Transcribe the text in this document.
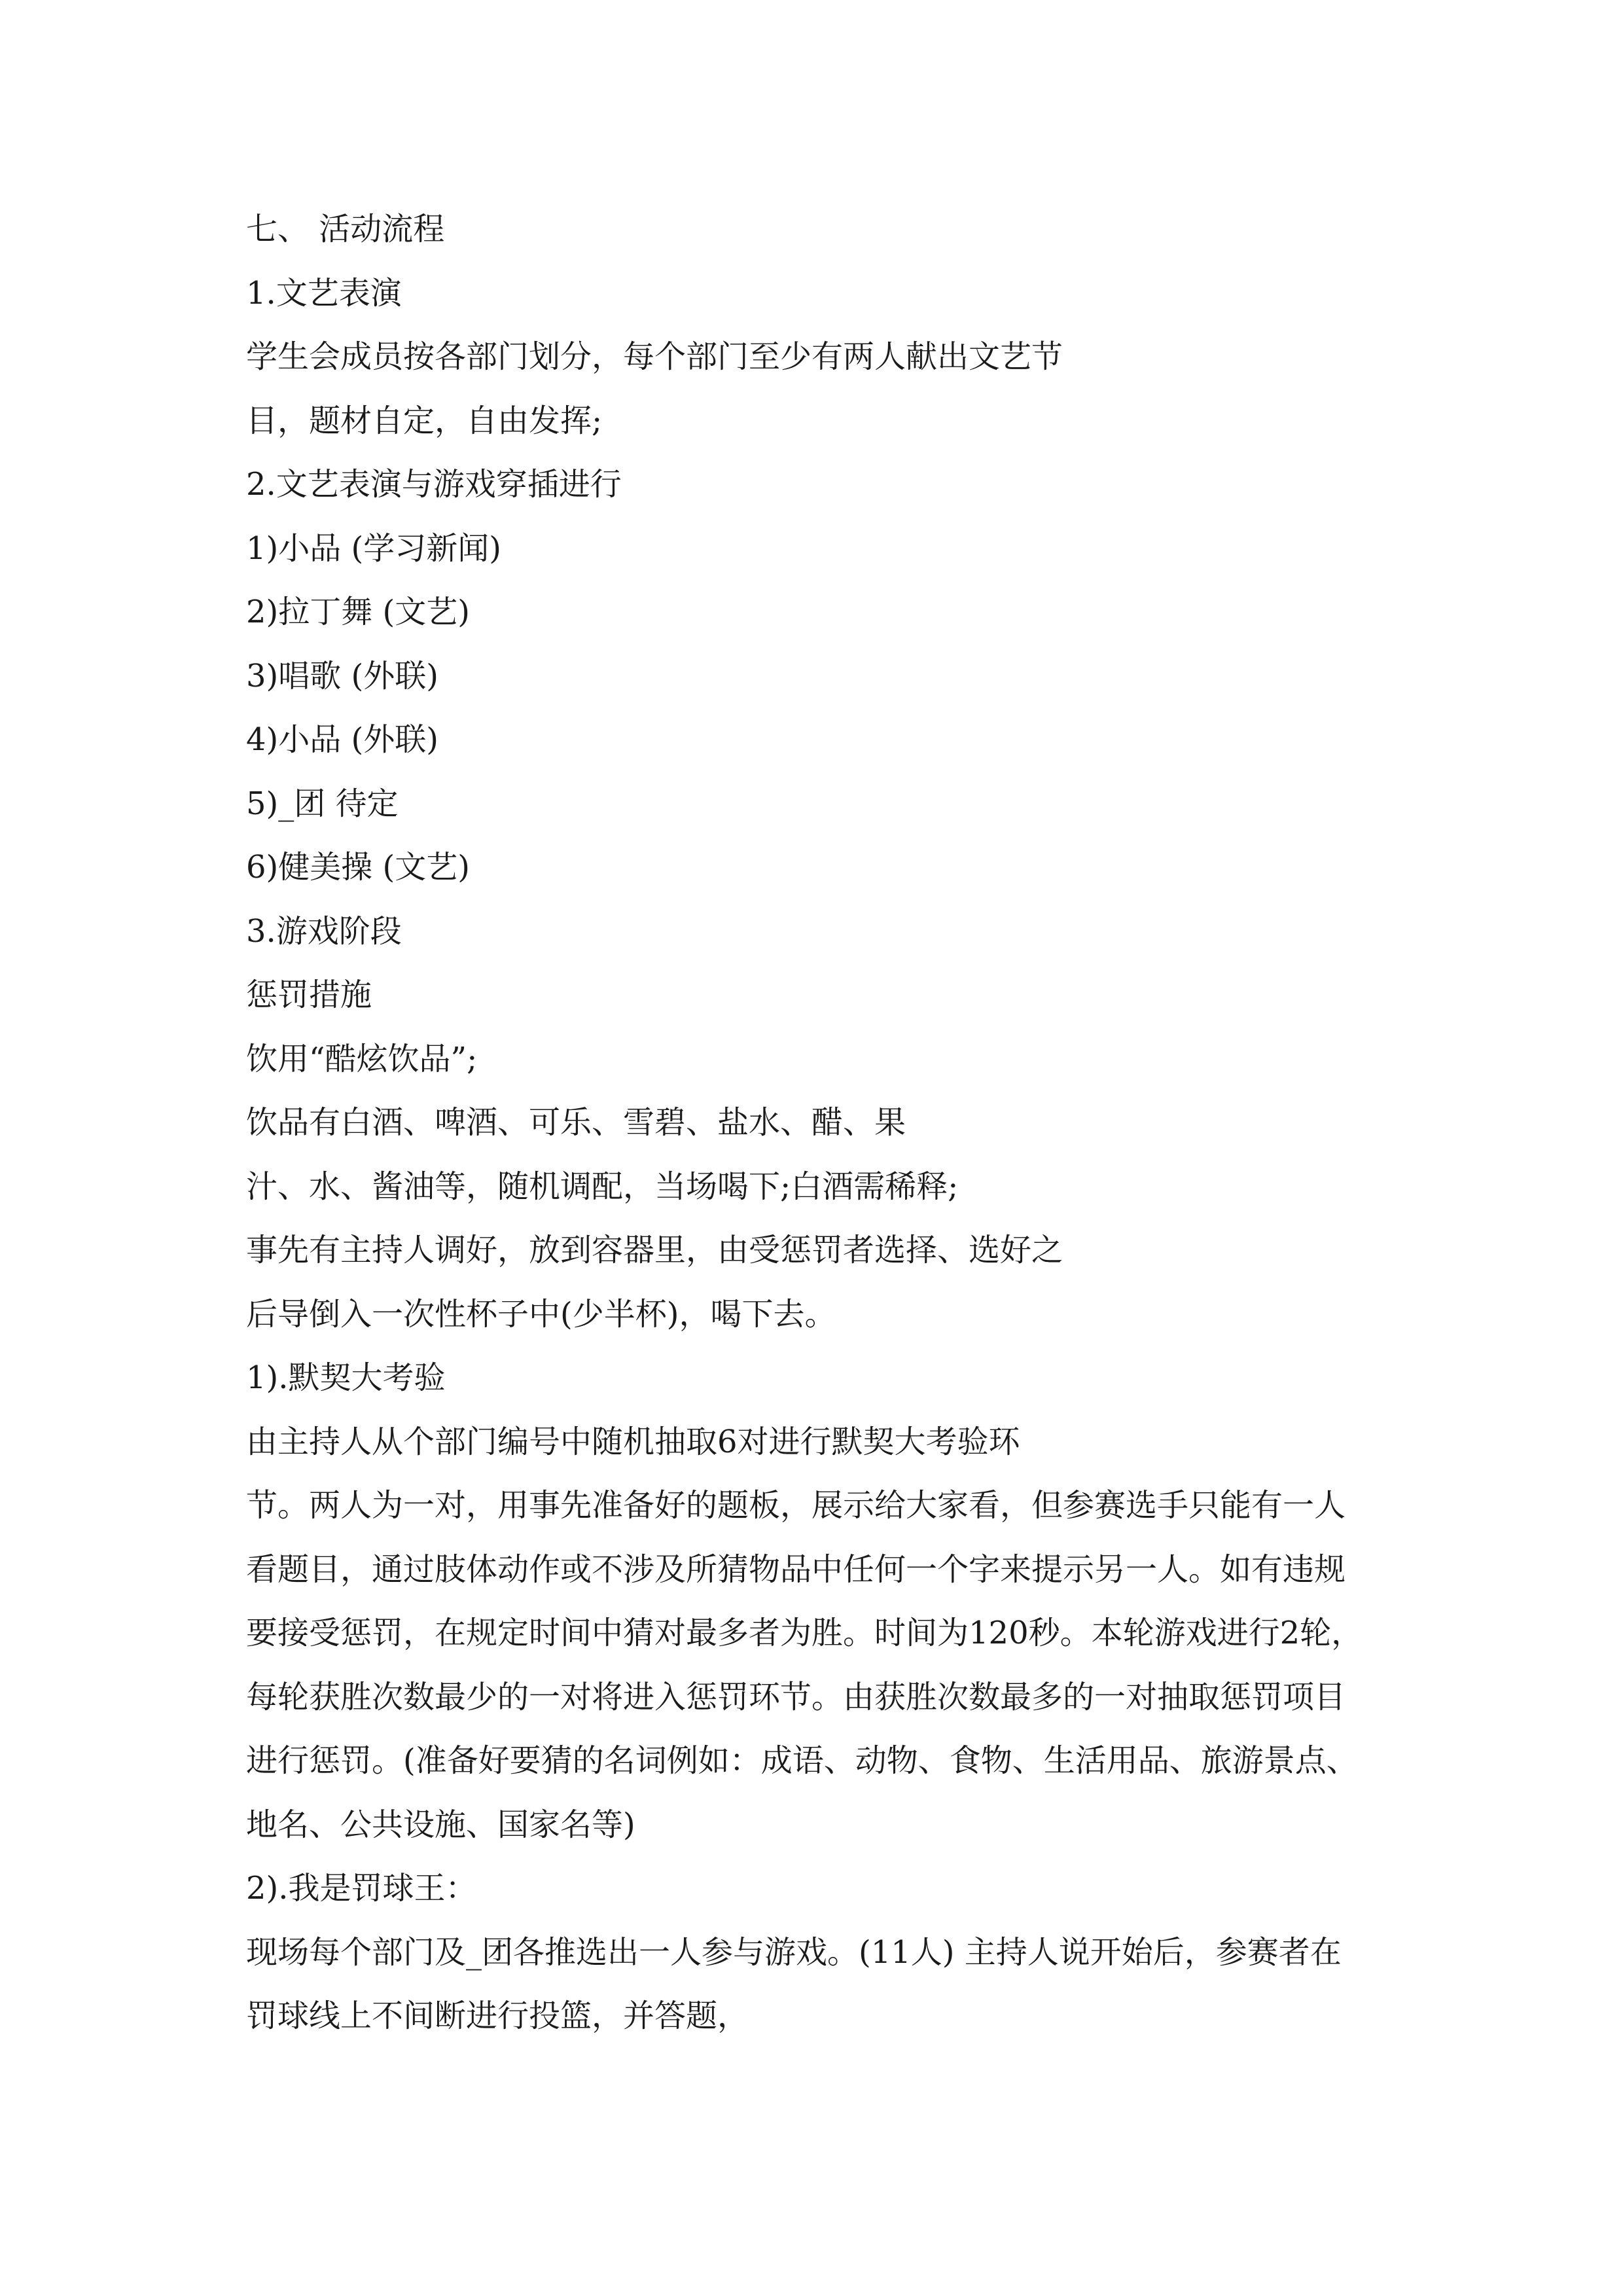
七、 活动流程
1.文艺表演
学生会成员按各部门划分，每个部门至少有两人献出文艺节
目，题材自定，自由发挥;
2.文艺表演与游戏穿插进行
1)小品 (学习新闻)
2)拉丁舞 (文艺)
3)唱歌 (外联)
4)小品 (外联)
5)_团 待定
6)健美操 (文艺)
3.游戏阶段
惩罚措施
饮用“酷炫饮品”;
饮品有白酒、啤酒、可乐、雪碧、盐水、醋、果
汁、水、酱油等，随机调配，当场喝下;白酒需稀释;
事先有主持人调好，放到容器里，由受惩罚者选择、选好之
后导倒入一次性杯子中(少半杯)，喝下去。
1).默契大考验
由主持人从个部门编号中随机抽取6对进行默契大考验环
节。两人为一对，用事先准备好的题板，展示给大家看，但参赛选手只能有一人
看题目，通过肢体动作或不涉及所猜物品中任何一个字来提示另一人。如有违规
要接受惩罚，在规定时间中猜对最多者为胜。时间为120秒。本轮游戏进行2轮，
每轮获胜次数最少的一对将进入惩罚环节。由获胜次数最多的一对抽取惩罚项目
进行惩罚。(准备好要猜的名词例如：成语、动物、食物、生活用品、旅游景点、
地名、公共设施、国家名等)
2).我是罚球王：
现场每个部门及_团各推选出一人参与游戏。(11人) 主持人说开始后，参赛者在
罚球线上不间断进行投篮，并答题，
